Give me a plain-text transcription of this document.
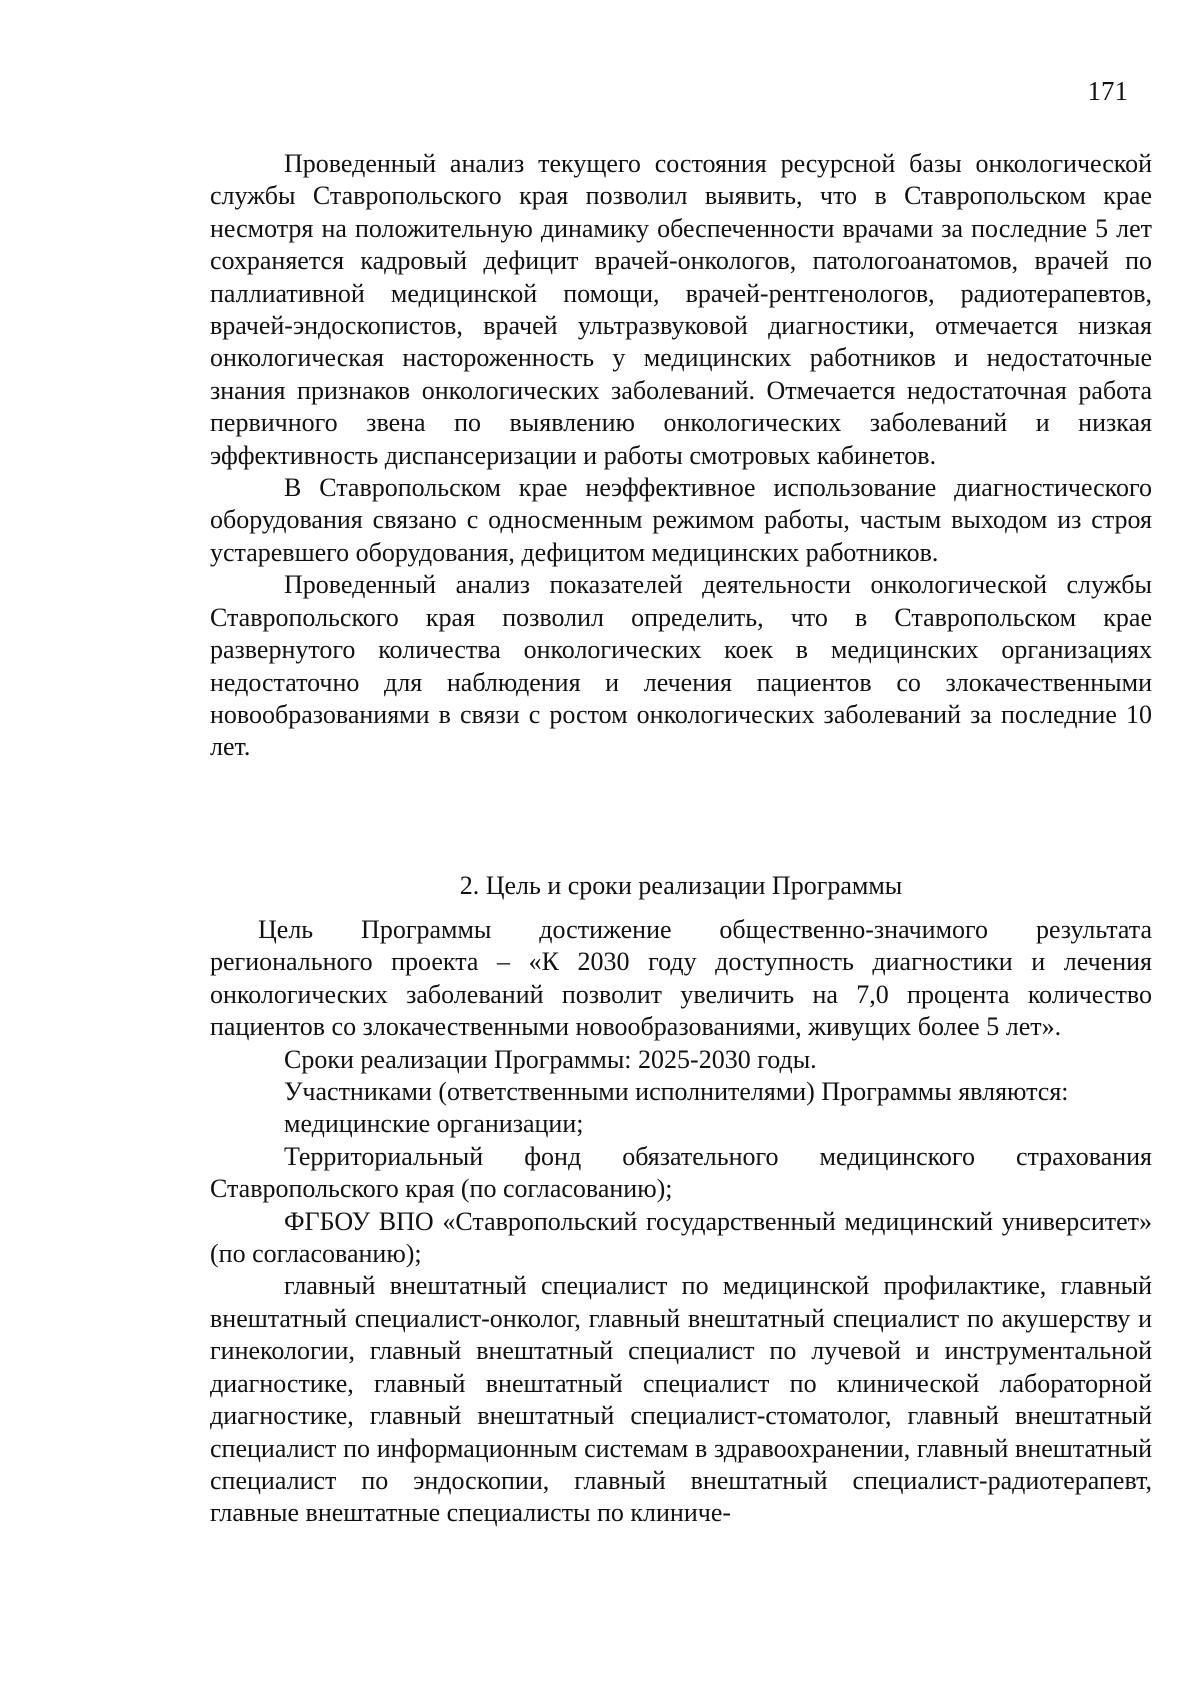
171

Проведенный анализ текущего состояния ресурсной базы онкологической службы Ставропольского края позволил выявить, что в Ставропольском крае несмотря на положительную динамику обеспеченности врачами за последние 5 лет сохраняется кадровый дефицит врачей-онкологов, патологоанатомов, врачей по паллиативной медицинской помощи, врачей-рентгенологов, радиотерапевтов, врачей-эндоскопистов, врачей ультразвуковой диагностики, отмечается низкая онкологическая настороженность у медицинских работников и недостаточные знания признаков онкологических заболеваний. Отмечается недостаточная работа первичного звена по выявлению онкологических заболеваний и низкая эффективность диспансеризации и работы смотровых кабинетов.

В Ставропольском крае неэффективное использование диагностического оборудования связано с односменным режимом работы, частым выходом из строя устаревшего оборудования, дефицитом медицинских работников.

Проведенный анализ показателей деятельности онкологической службы Ставропольского края позволил определить, что в Ставропольском крае развернутого количества онкологических коек в медицинских организациях недостаточно для наблюдения и лечения пациентов со злокачественными новообразованиями в связи с ростом онкологических заболеваний за последние 10 лет.

2. Цель и сроки реализации Программы

Цель Программы достижение общественно-значимого результата регионального проекта – «К 2030 году доступность диагностики и лечения онкологических заболеваний позволит увеличить на 7,0 процента количество пациентов со злокачественными новообразованиями, живущих более 5 лет».

Сроки реализации Программы: 2025-2030 годы.

Участниками (ответственными исполнителями) Программы являются:

медицинские организации;

Территориальный фонд обязательного медицинского страхования Ставропольского края (по согласованию);

ФГБОУ ВПО «Ставропольский государственный медицинский университет» (по согласованию);

главный внештатный специалист по медицинской профилактике, главный внештатный специалист-онколог, главный внештатный специалист по акушерству и гинекологии, главный внештатный специалист по лучевой и инструментальной диагностике, главный внештатный специалист по клинической лабораторной диагностике, главный внештатный специалист-стоматолог, главный внештатный специалист по информационным системам в здравоохранении, главный внештатный специалист по эндоскопии, главный внештатный специалист-радиотерапевт, главные внештатные специалисты по клиниче-
